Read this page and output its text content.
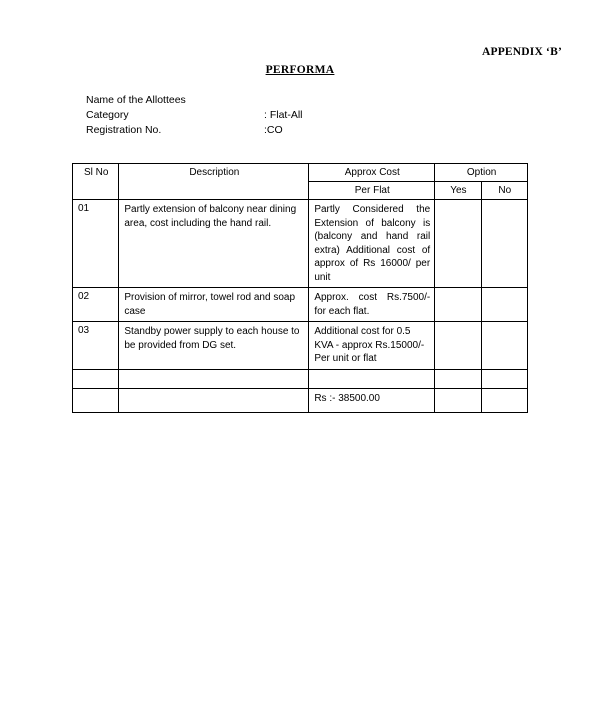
APPENDIX ‘B’
PERFORMA
Name of the Allottees
Category	: Flat-All
Registration No.	:CO
Sl No	Description	Approx Cost	Option	
		Per Flat	Yes	No
01	Partly extension of balcony near dining area, cost including the hand rail.	Partly Considered the Extension of balcony is (balcony and hand rail extra) Additional cost of approx of Rs 16000/ per unit		
02	Provision of mirror, towel rod and soap case	Approx. cost Rs.7500/- for each flat.		
03	Standby power supply to each house to be provided from DG set.	Additional cost for 0.5 KVA - approx Rs.15000/- Per unit or flat		

		Rs :- 38500.00		
